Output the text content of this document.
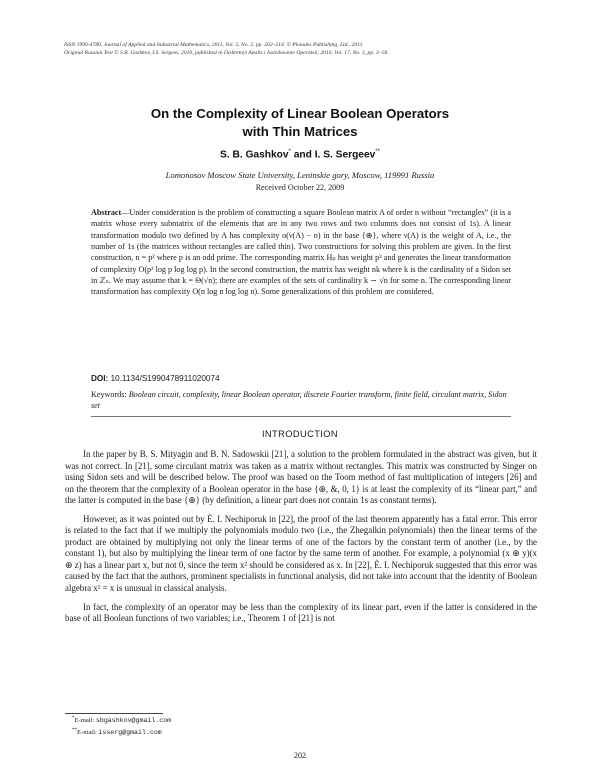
ISSN 1990-4789, Journal of Applied and Industrial Mathematics, 2011, Vol. 5, No. 2, pp. 202–214. © Pleiades Publishing, Ltd., 2011.
Original Russian Text © S.B. Gashkov, I.S. Sergeev, 2010, published in Diskretnyi Analiz i Issledovanie Operatsii, 2010, Vol. 17, No. 3, pp. 3–18.
On the Complexity of Linear Boolean Operators
with Thin Matrices
S. B. Gashkov* and I. S. Sergeev**
Lomonosov Moscow State University, Leninskie gory, Moscow, 119991 Russia
Received October 22, 2009
Abstract—Under consideration is the problem of constructing a square Boolean matrix A of order n without “rectangles” (it is a matrix whose every submatrix of the elements that are in any two rows and two columns does not consist of 1s). A linear transformation modulo two defined by A has complexity o(ν(A) − n) in the base {⊕}, where ν(A) is the weight of A, i.e., the number of 1s (the matrices without rectangles are called thin). Two constructions for solving this problem are given. In the first construction, n = p² where p is an odd prime. The corresponding matrix Hₚ has weight p³ and generates the linear transformation of complexity O(p² log p log log p). In the second construction, the matrix has weight nk where k is the cardinality of a Sidon set in ℤₙ. We may assume that k = Θ(√n); there are examples of the sets of cardinality k ∼ √n for some n. The corresponding linear transformation has complexity O(n log n log log n). Some generalizations of this problem are considered.
DOI: 10.1134/S1990478911020074
Keywords: Boolean circuit, complexity, linear Boolean operator, discrete Fourier transform, finite field, circulant matrix, Sidon set
INTRODUCTION

In the paper by B. S. Mityagin and B. N. Sadowskii [21], a solution to the problem formulated in the abstract was given, but it was not correct. In [21], some circulant matrix was taken as a matrix without rectangles. This matrix was constructed by Singer on using Sidon sets and will be described below. The proof was based on the Toom method of fast multiplication of integers [26] and on the theorem that the complexity of a Boolean operator in the base {⊕, &, 0, 1} is at least the complexity of its “linear part,” and the latter is computed in the base {⊕} (by definition, a linear part does not contain 1s as constant terms).

However, as it was pointed out by È. I. Nechiporuk in [22], the proof of the last theorem apparently has a fatal error. This error is related to the fact that if we multiply the polynomials modulo two (i.e., the Zhegalkin polynomials) then the linear terms of the product are obtained by multiplying not only the linear terms of one of the factors by the constant term of another (i.e., by the constant 1), but also by multiplying the linear term of one factor by the same term of another. For example, a polynomial (x ⊕ y)(x ⊕ z) has a linear part x, but not 0, since the term x² should be considered as x. In [22], È. I. Nechiporuk suggested that this error was caused by the fact that the authors, prominent specialists in functional analysis, did not take into account that the identity of Boolean algebra x² = x is unusual in classical analysis.

In fact, the complexity of an operator may be less than the complexity of its linear part, even if the latter is considered in the base of all Boolean functions of two variables; i.e., Theorem 1 of [21] is not

*E-mail: sbgashkov@gmail.com
**E-mail: isserg@gmail.com
202
